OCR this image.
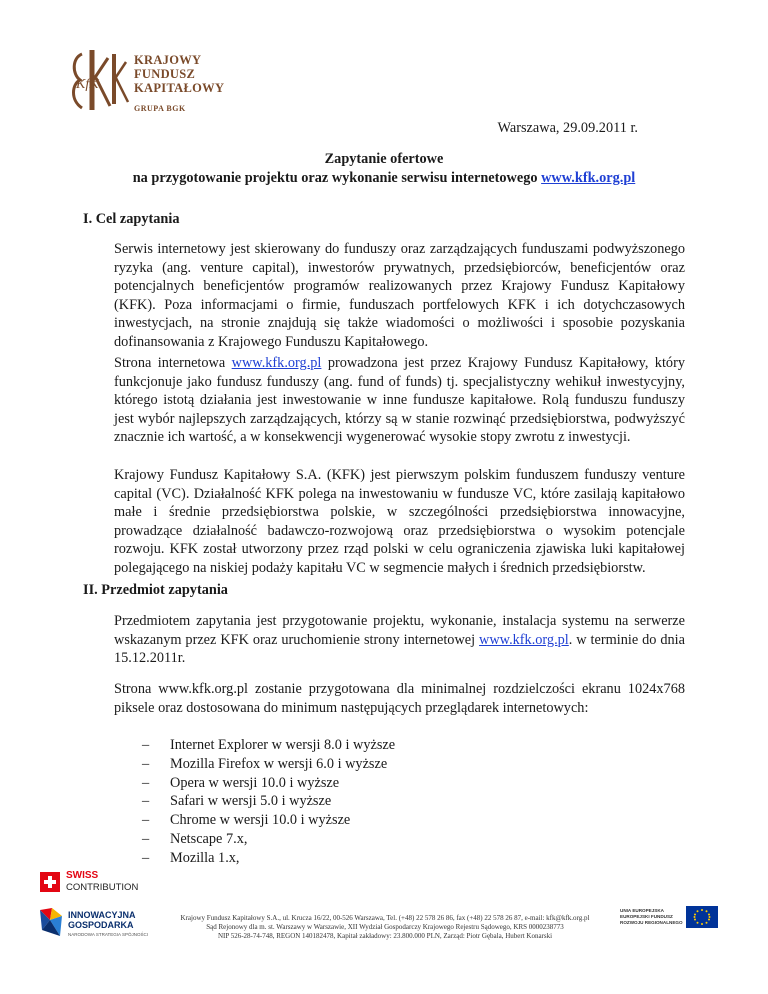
KfK
KRAJOWY
FUNDUSZ
KAPITAŁOWY
GRUPA BGK
Warszawa, 29.09.2011 r.
Zapytanie ofertowe
na przygotowanie projektu oraz wykonanie serwisu internetowego www.kfk.org.pl
I. Cel zapytania

Serwis internetowy jest skierowany do funduszy oraz zarządzających funduszami podwyższonego ryzyka (ang. venture capital), inwestorów prywatnych, przedsiębiorców, beneficjentów oraz potencjalnych beneficjentów programów realizowanych przez Krajowy Fundusz Kapitałowy (KFK). Poza informacjami o firmie, funduszach portfelowych KFK i ich dotychczasowych inwestycjach, na stronie znajdują się także wiadomości o możliwości i sposobie pozyskania dofinansowania z Krajowego Funduszu Kapitałowego.

Strona internetowa www.kfk.org.pl prowadzona jest przez Krajowy Fundusz Kapitałowy, który funkcjonuje jako fundusz funduszy (ang. fund of funds) tj. specjalistyczny wehikuł inwestycyjny, którego istotą działania jest inwestowanie w inne fundusze kapitałowe. Rolą funduszu funduszy jest wybór najlepszych zarządzających, którzy są w stanie rozwinąć przedsiębiorstwa, podwyższyć znacznie ich wartość, a w konsekwencji wygenerować wysokie stopy zwrotu z inwestycji.

Krajowy Fundusz Kapitałowy S.A. (KFK) jest pierwszym polskim funduszem funduszy venture capital (VC). Działalność KFK polega na inwestowaniu w fundusze VC, które zasilają kapitałowo małe i średnie przedsiębiorstwa polskie, w szczególności przedsiębiorstwa innowacyjne, prowadzące działalność badawczo-rozwojową oraz przedsiębiorstwa o wysokim potencjale rozwoju. KFK został utworzony przez rząd polski w celu ograniczenia zjawiska luki kapitałowej polegającego na niskiej podaży kapitału VC w segmencie małych i średnich przedsiębiorstw.

II. Przedmiot zapytania

Przedmiotem zapytania jest przygotowanie projektu, wykonanie, instalacja systemu na serwerze wskazanym przez KFK oraz uruchomienie strony internetowej www.kfk.org.pl. w terminie do dnia 15.12.2011r.

Strona www.kfk.org.pl zostanie przygotowana dla minimalnej rozdzielczości ekranu 1024x768 piksele oraz dostosowana do minimum następujących przeglądarek internetowych:

– Internet Explorer w wersji 8.0 i wyższe
– Mozilla Firefox w wersji 6.0 i wyższe
– Opera w wersji 10.0 i wyższe
– Safari w wersji 5.0 i wyższe
– Chrome w wersji 10.0 i wyższe
– Netscape 7.x,
– Mozilla 1.x,
SWISS
CONTRIBUTION
INNOWACYJNA
GOSPODARKA
NARODOWA STRATEGIA SPÓJNOŚCI
Krajowy Fundusz Kapitałowy S.A., ul. Krucza 16/22, 00-526 Warszawa, Tel. (+48) 22 578 26 86, fax (+48) 22 578 26 87, e-mail: kfk@kfk.org.pl
Sąd Rejonowy dla m. st. Warszawy w Warszawie, XII Wydział Gospodarczy Krajowego Rejestru Sądowego, KRS 0000238773
NIP 526-28-74-748, REGON 140182478, Kapitał zakładowy: 23.800.000 PLN, Zarząd: Piotr Gębala, Hubert Konarski
UNIA EUROPEJSKA
EUROPEJSKI FUNDUSZ
ROZWOJU REGIONALNEGO
